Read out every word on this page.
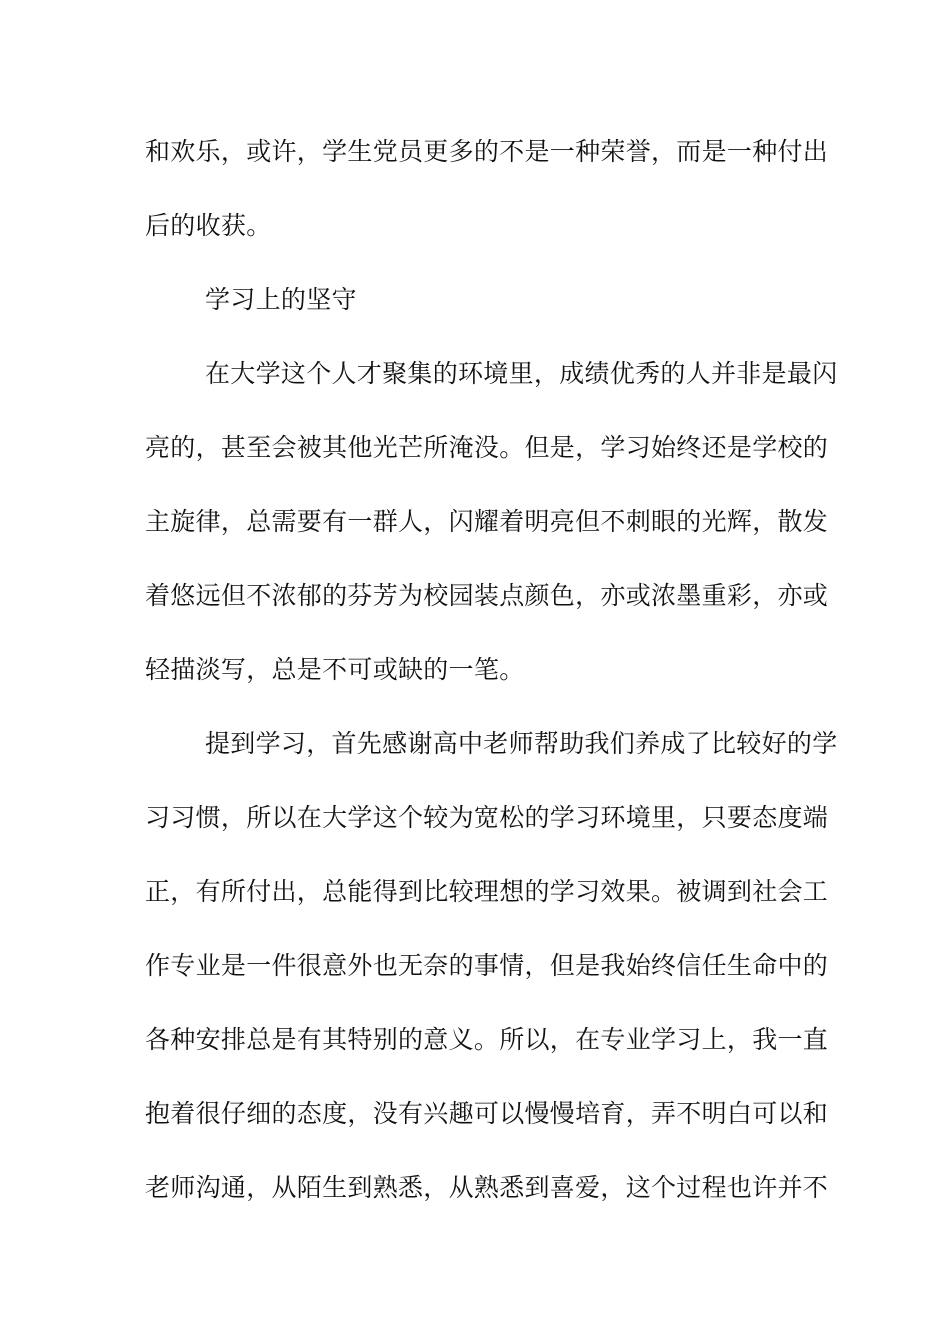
和欢乐，或许，学生党员更多的不是一种荣誉，而是一种付出
后的收获。
学习上的坚守
在大学这个人才聚集的环境里，成绩优秀的人并非是最闪
亮的，甚至会被其他光芒所淹没。但是，学习始终还是学校的
主旋律，总需要有一群人，闪耀着明亮但不刺眼的光辉，散发
着悠远但不浓郁的芬芳为校园装点颜色，亦或浓墨重彩，亦或
轻描淡写，总是不可或缺的一笔。
提到学习，首先感谢高中老师帮助我们养成了比较好的学
习习惯，所以在大学这个较为宽松的学习环境里，只要态度端
正，有所付出，总能得到比较理想的学习效果。被调到社会工
作专业是一件很意外也无奈的事情，但是我始终信任生命中的
各种安排总是有其特别的意义。所以，在专业学习上，我一直
抱着很仔细的态度，没有兴趣可以慢慢培育，弄不明白可以和
老师沟通，从陌生到熟悉，从熟悉到喜爱，这个过程也许并不
